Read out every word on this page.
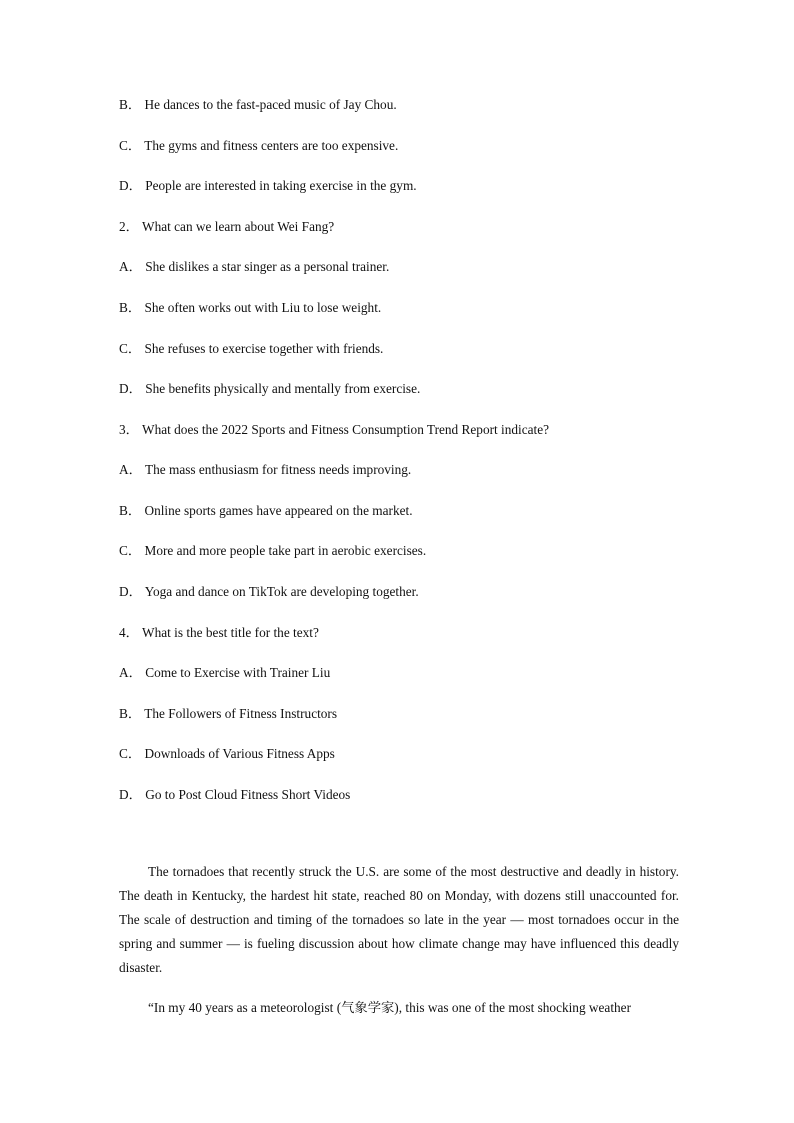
B． He dances to the fast-paced music of Jay Chou.
C． The gyms and fitness centers are too expensive.
D． People are interested in taking exercise in the gym.
2． What can we learn about Wei Fang?
A． She dislikes a star singer as a personal trainer.
B． She often works out with Liu to lose weight.
C． She refuses to exercise together with friends.
D． She benefits physically and mentally from exercise.
3． What does the 2022 Sports and Fitness Consumption Trend Report indicate?
A． The mass enthusiasm for fitness needs improving.
B． Online sports games have appeared on the market.
C． More and more people take part in aerobic exercises.
D． Yoga and dance on TikTok are developing together.
4． What is the best title for the text?
A． Come to Exercise with Trainer Liu
B． The Followers of Fitness Instructors
C． Downloads of Various Fitness Apps
D． Go to Post Cloud Fitness Short Videos

The tornadoes that recently struck the U.S. are some of the most destructive and deadly in history. The death in Kentucky, the hardest hit state, reached 80 on Monday, with dozens still unaccounted for. The scale of destruction and timing of the tornadoes so late in the year — most tornadoes occur in the spring and summer — is fueling discussion about how climate change may have influenced this deadly disaster.

“In my 40 years as a meteorologist (气象学家), this was one of the most shocking weather
